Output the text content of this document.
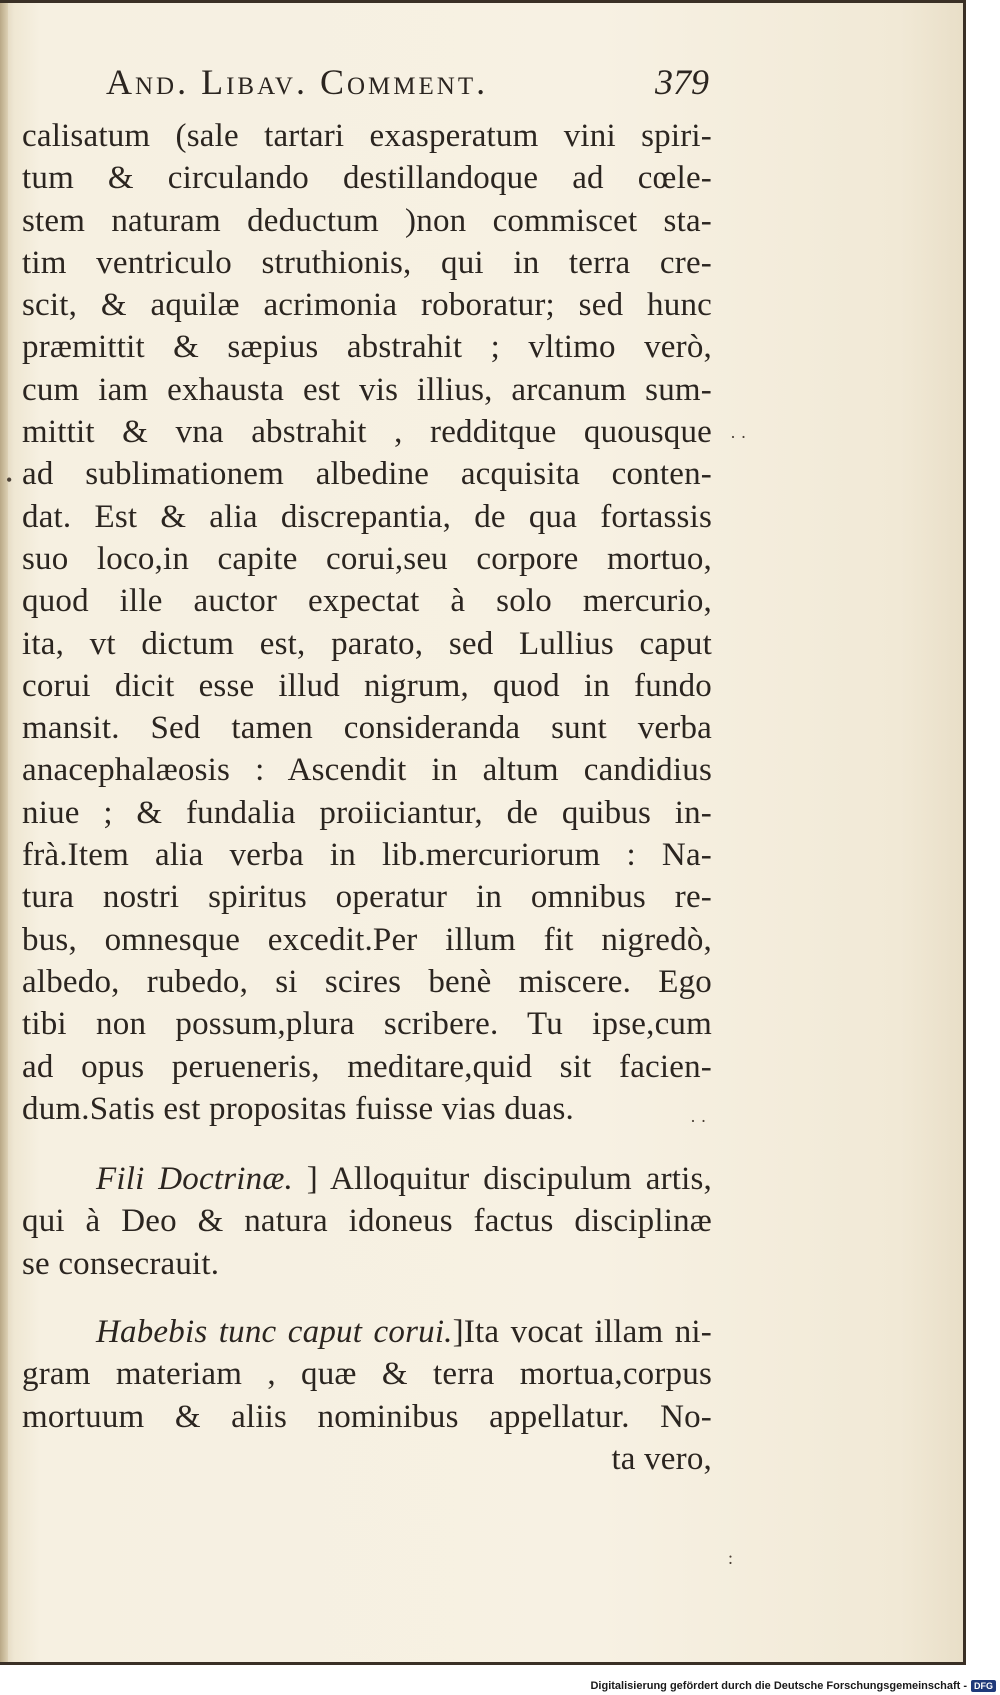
And. Libav. Comment.	379
calisatum (sale tartari exasperatum vini spiri-
tum & circulando destillandoque ad cœle-
stem naturam deductum )non commiscet sta-
tim ventriculo struthionis, qui in terra cre-
scit, & aquilæ acrimonia roboratur; sed hunc
præmittit & sæpius abstrahit ; vltimo verò,
cum iam exhausta est vis illius, arcanum sum-
mittit & vna abstrahit , redditque quousque
ad sublimationem albedine acquisita conten-
dat. Est & alia discrepantia, de qua fortassis
suo loco,in capite corui,seu corpore mortuo,
quod ille auctor expectat à solo mercurio,
ita, vt dictum est, parato, sed Lullius caput
corui dicit esse illud nigrum, quod in fundo
mansit. Sed tamen consideranda sunt verba
anacephalæosis : Ascendit in altum candidius
niue ; & fundalia proiiciantur, de quibus in-
frà.Item alia verba in lib.mercuriorum : Na-
tura nostri spiritus operatur in omnibus re-
bus, omnesque excedit.Per illum fit nigredò,
albedo, rubedo, si scires benè miscere. Ego
tibi non possum,plura scribere. Tu ipse,cum
ad opus perueneris, meditare,quid sit facien-
dum.Satis est propositas fuisse vias duas.
Fili Doctrinæ. ] Alloquitur discipulum artis,
qui à Deo & natura idoneus factus disciplinæ
se consecrauit.
Habebis tunc caput corui.]Ita vocat illam ni-
gram materiam , quæ & terra mortua,corpus
mortuum & aliis nominibus appellatur. No-
ta vero,
•
· ·
· ·
:
Digitalisierung gefördert durch die Deutsche Forschungsgemeinschaft - DFG
